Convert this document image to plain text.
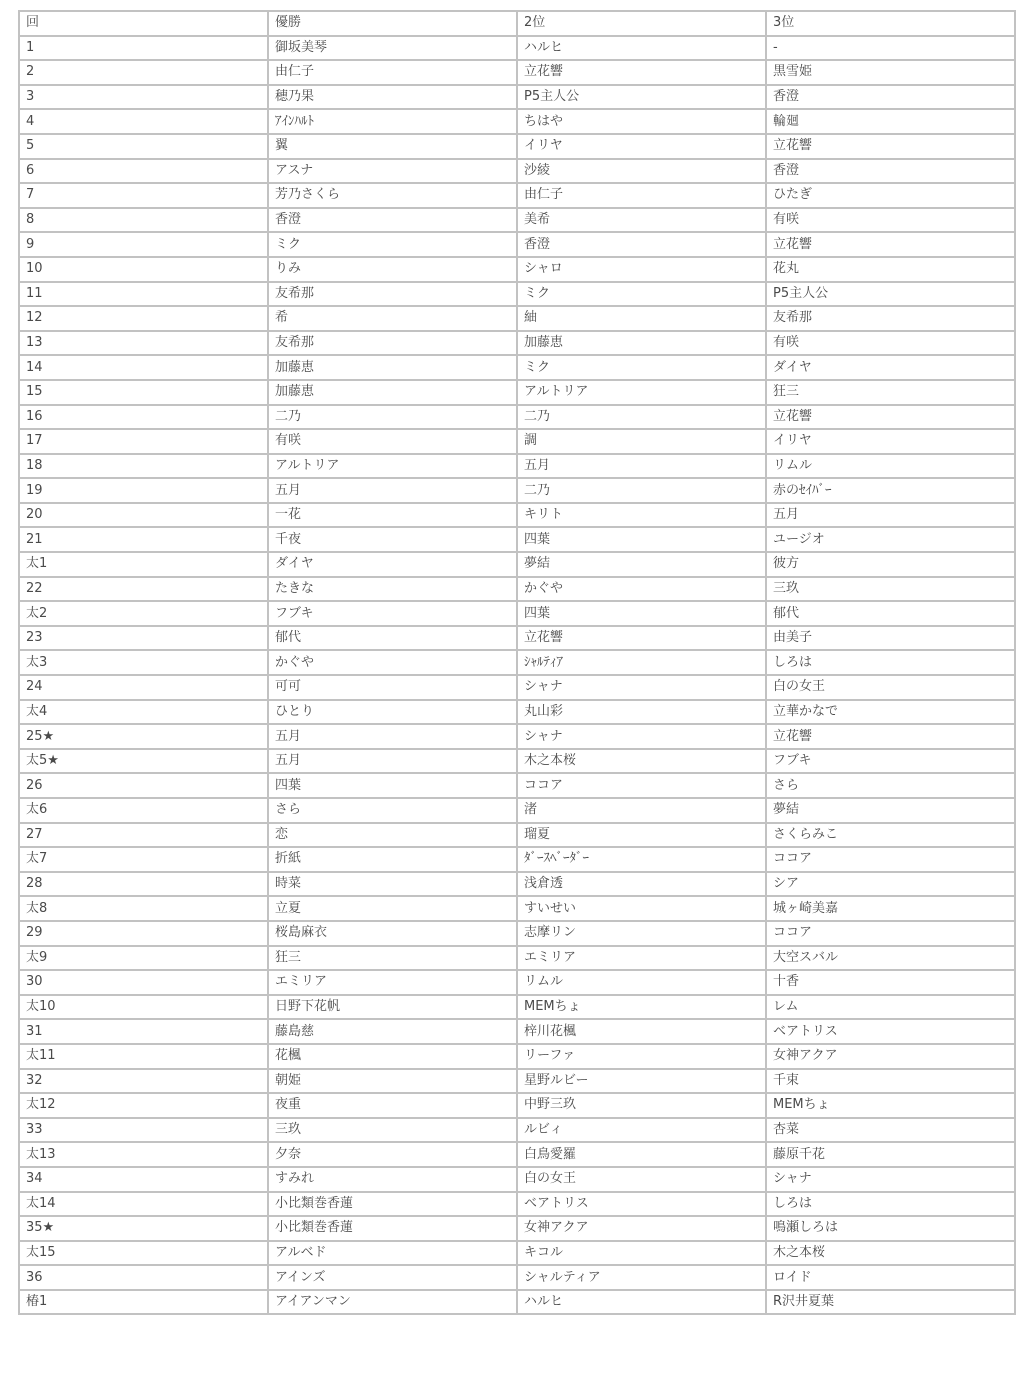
回	優勝	2位	3位
1	御坂美琴	ハルヒ	-
2	由仁子	立花響	黒雪姫
3	穂乃果	P5主人公	香澄
4	ｱｲﾝﾊﾙﾄ	ちはや	輪廻
5	翼	イリヤ	立花響
6	アスナ	沙綾	香澄
7	芳乃さくら	由仁子	ひたぎ
8	香澄	美希	有咲
9	ミク	香澄	立花響
10	りみ	シャロ	花丸
11	友希那	ミク	P5主人公
12	希	紬	友希那
13	友希那	加藤恵	有咲
14	加藤恵	ミク	ダイヤ
15	加藤恵	アルトリア	狂三
16	二乃	二乃	立花響
17	有咲	調	イリヤ
18	アルトリア	五月	リムル
19	五月	二乃	赤のｾｲﾊﾞｰ
20	一花	キリト	五月
21	千夜	四葉	ユージオ
太1	ダイヤ	夢結	彼方
22	たきな	かぐや	三玖
太2	フブキ	四葉	郁代
23	郁代	立花響	由美子
太3	かぐや	ｼｬﾙﾃｨｱ	しろは
24	可可	シャナ	白の女王
太4	ひとり	丸山彩	立華かなで
25★	五月	シャナ	立花響
太5★	五月	木之本桜	フブキ
26	四葉	ココア	さら
太6	さら	渚	夢結
27	恋	瑠夏	さくらみこ
太7	折紙	ﾀﾞｰｽﾍﾞｰﾀﾞｰ	ココア
28	時菜	浅倉透	シア
太8	立夏	すいせい	城ヶ崎美嘉
29	桜島麻衣	志摩リン	ココア
太9	狂三	エミリア	大空スバル
30	エミリア	リムル	十香
太10	日野下花帆	MEMちょ	レム
31	藤島慈	梓川花楓	ベアトリス
太11	花楓	リーファ	女神アクア
32	朝姫	星野ルビー	千束
太12	夜重	中野三玖	MEMちょ
33	三玖	ルビィ	杏菜
太13	夕奈	白鳥愛羅	藤原千花
34	すみれ	白の女王	シャナ
太14	小比類巻香蓮	ベアトリス	しろは
35★	小比類巻香蓮	女神アクア	鳴瀬しろは
太15	アルベド	キコル	木之本桜
36	アインズ	シャルティア	ロイド
椿1	アイアンマン	ハルヒ	R沢井夏葉
